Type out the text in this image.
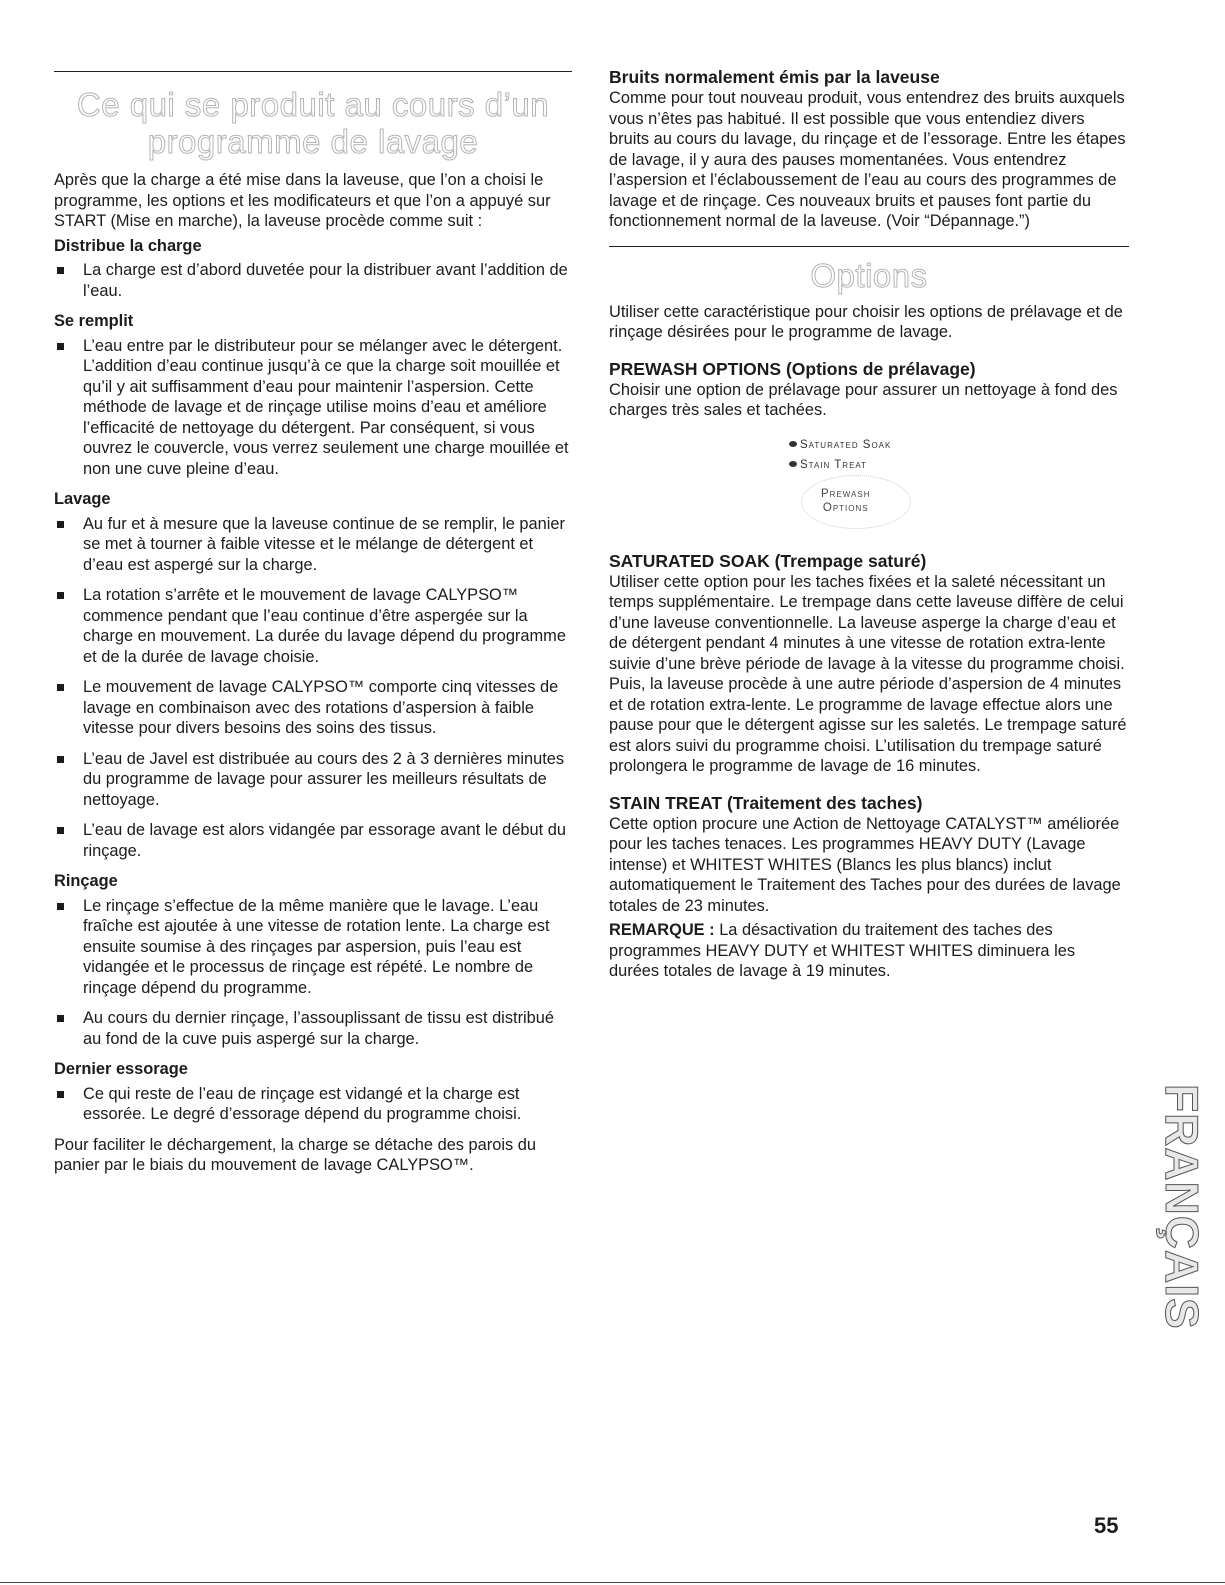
Ce qui se produit au cours d’un
programme de lavage

Après que la charge a été mise dans la laveuse, que l’on a choisi le programme, les options et les modificateurs et que l’on a appuyé sur START (Mise en marche), la laveuse procède comme suit :

Distribue la charge
La charge est d’abord duvetée pour la distribuer avant l’addition de l’eau.
Se remplit
L’eau entre par le distributeur pour se mélanger avec le détergent. L’addition d’eau continue jusqu’à ce que la charge soit mouillée et qu’il y ait suffisamment d’eau pour maintenir l’aspersion. Cette méthode de lavage et de rinçage utilise moins d’eau et améliore l’efficacité de nettoyage du détergent. Par conséquent, si vous ouvrez le couvercle, vous verrez seulement une charge mouillée et non une cuve pleine d’eau.
Lavage
Au fur et à mesure que la laveuse continue de se remplir, le panier se met à tourner à faible vitesse et le mélange de détergent et d’eau est aspergé sur la charge.
La rotation s’arrête et le mouvement de lavage CALYPSO™ commence pendant que l’eau continue d’être aspergée sur la charge en mouvement. La durée du lavage dépend du programme et de la durée de lavage choisie.
Le mouvement de lavage CALYPSO™ comporte cinq vitesses de lavage en combinaison avec des rotations d’aspersion à faible vitesse pour divers besoins des soins des tissus.
L’eau de Javel est distribuée au cours des 2 à 3 dernières minutes du programme de lavage pour assurer les meilleurs résultats de nettoyage.
L’eau de lavage est alors vidangée par essorage avant le début du rinçage.
Rinçage
Le rinçage s’effectue de la même manière que le lavage. L’eau fraîche est ajoutée à une vitesse de rotation lente. La charge est ensuite soumise à des rinçages par aspersion, puis l’eau est vidangée et le processus de rinçage est répété. Le nombre de rinçage dépend du programme.
Au cours du dernier rinçage, l’assouplissant de tissu est distribué au fond de la cuve puis aspergé sur la charge.
Dernier essorage
Ce qui reste de l’eau de rinçage est vidangé et la charge est essorée. Le degré d’essorage dépend du programme choisi.

Pour faciliter le déchargement, la charge se détache des parois du panier par le biais du mouvement de lavage CALYPSO™.

Bruits normalement émis par la laveuse

Comme pour tout nouveau produit, vous entendrez des bruits auxquels vous n’êtes pas habitué. Il est possible que vous entendiez divers bruits au cours du lavage, du rinçage et de l’essorage. Entre les étapes de lavage, il y aura des pauses momentanées. Vous entendrez l’aspersion et l’éclaboussement de l’eau au cours des programmes de lavage et de rinçage. Ces nouveaux bruits et pauses font partie du fonctionnement normal de la laveuse. (Voir “Dépannage.”)

Options

Utiliser cette caractéristique pour choisir les options de prélavage et de rinçage désirées pour le programme de lavage.

PREWASH OPTIONS (Options de prélavage)

Choisir une option de prélavage pour assurer un nettoyage à fond des charges très sales et tachées.

Saturated Soak
Stain Treat
Prewash
Options
SATURATED SOAK (Trempage saturé)

Utiliser cette option pour les taches fixées et la saleté nécessitant un temps supplémentaire. Le trempage dans cette laveuse diffère de celui d’une laveuse conventionnelle. La laveuse asperge la charge d’eau et de détergent pendant 4 minutes à une vitesse de rotation extra-lente suivie d’une brève période de lavage à la vitesse du programme choisi. Puis, la laveuse procède à une autre période d’aspersion de 4 minutes et de rotation extra-lente. Le programme de lavage effectue alors une pause pour que le détergent agisse sur les saletés. Le trempage saturé est alors suivi du programme choisi. L’utilisation du trempage saturé prolongera le programme de lavage de 16 minutes.

STAIN TREAT (Traitement des taches)

Cette option procure une Action de Nettoyage CATALYST™ améliorée pour les taches tenaces. Les programmes HEAVY DUTY (Lavage intense) et WHITEST WHITES (Blancs les plus blancs) inclut automatiquement le Traitement des Taches pour des durées de lavage totales de 23 minutes.

REMARQUE : La désactivation du traitement des taches des programmes HEAVY DUTY et WHITEST WHITES diminuera les durées totales de lavage à 19 minutes.

FRANÇAIS
55
